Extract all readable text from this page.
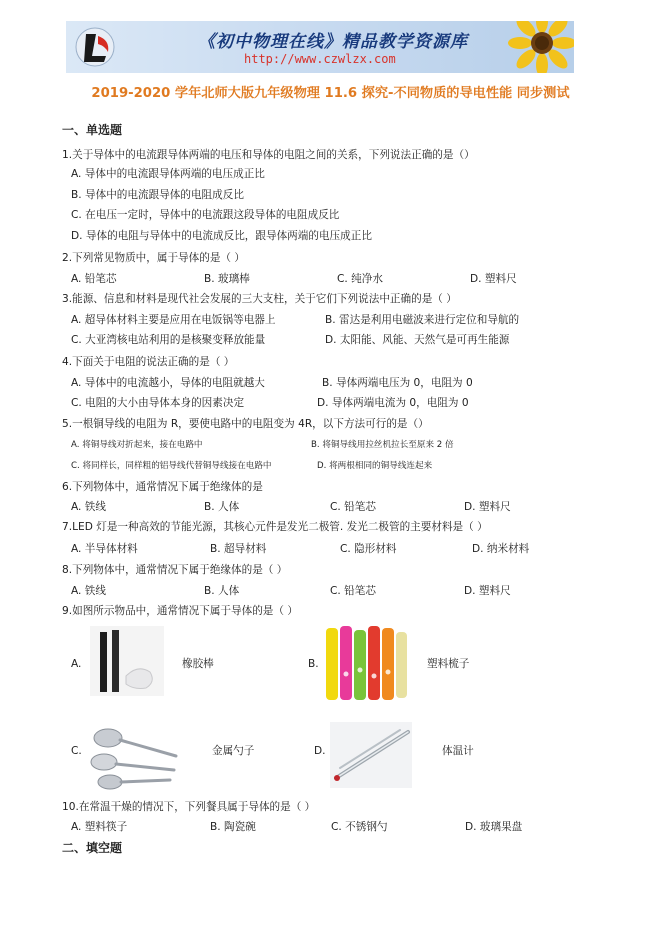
《初中物理在线》精品教学资源库
http://www.czwlzx.com
2019-2020 学年北师大版九年级物理 11.6 探究-不同物质的导电性能 同步测试
一、单选题
1.关于导体中的电流跟导体两端的电压和导体的电阻之间的关系，下列说法正确的是（）
A. 导体中的电流跟导体两端的电压成正比
B. 导体中的电流跟导体的电阻成反比
C. 在电压一定时，导体中的电流跟这段导体的电阻成反比
D. 导体的电阻与导体中的电流成反比，跟导体两端的电压成正比
2.下列常见物质中，属于导体的是（ ）
A. 铅笔芯	B. 玻璃棒	C. 纯净水	D. 塑料尺
3.能源、信息和材料是现代社会发展的三大支柱，关于它们下列说法中正确的是（ ）
A. 超导体材料主要是应用在电饭锅等电器上	B. 雷达是利用电磁波来进行定位和导航的
C. 大亚湾核电站利用的是核聚变释放能量	D. 太阳能、风能、天然气是可再生能源
4.下面关于电阻的说法正确的是（ ）
A. 导体中的电流越小，导体的电阻就越大	B. 导体两端电压为 0，电阻为 0
C. 电阻的大小由导体本身的因素决定	D. 导体两端电流为 0，电阻为 0
5.一根铜导线的电阻为 R，要使电路中的电阻变为 4R，以下方法可行的是（）
A. 将铜导线对折起来，接在电路中	B. 将铜导线用拉丝机拉长至原来 2 倍
C. 将同样长，同样粗的铝导线代替铜导线接在电路中	D. 将两根相同的铜导线连起来
6.下列物体中，通常情况下属于绝缘体的是
A. 铁线	B. 人体	C. 铅笔芯	D. 塑料尺
7.LED 灯是一种高效的节能光源，其核心元件是发光二极管. 发光二极管的主要材料是（ ）
A. 半导体材料	B. 超导材料	C. 隐形材料	D. 纳米材料
8.下列物体中，通常情况下属于绝缘体的是（ ）
A. 铁线	B. 人体	C. 铅笔芯	D. 塑料尺
9.如图所示物品中，通常情况下属于导体的是（ ）
A.	橡胶棒	B.	塑料梳子
C.	金属勺子	D.	体温计
10.在常温干燥的情况下，下列餐具属于导体的是（ ）
A. 塑料筷子	B. 陶瓷碗	C. 不锈钢勺	D. 玻璃果盘
二、填空题
